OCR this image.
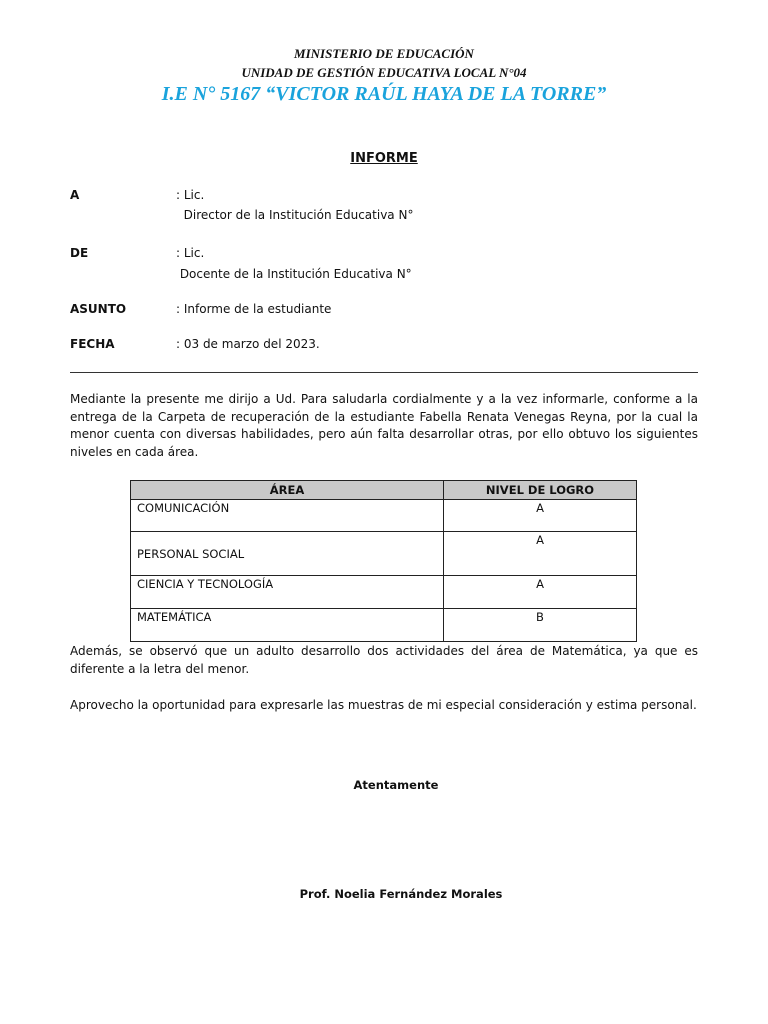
MINISTERIO DE EDUCACIÓN
UNIDAD DE GESTIÓN EDUCATIVA LOCAL N°04
I.E N° 5167 “VICTOR RAÚL HAYA DE LA TORRE”
INFORME
A	: Lic.
Director de la Institución Educativa N°
DE	: Lic.
Docente de la Institución Educativa N°
ASUNTO	: Informe de la estudiante
FECHA	: 03 de marzo del 2023.

Mediante la presente me dirijo a Ud. Para saludarla cordialmente y a la vez informarle, conforme a la entrega de la Carpeta de recuperación de la estudiante Fabella Renata Venegas Reyna, por la cual la menor cuenta con diversas habilidades, pero aún falta desarrollar otras, por ello obtuvo los siguientes niveles en cada área.

ÁREA	NIVEL DE LOGRO
COMUNICACIÓN	A
PERSONAL SOCIAL	A
CIENCIA Y TECNOLOGÍA	A
MATEMÁTICA	B

Además, se observó que un adulto desarrollo dos actividades del área de Matemática, ya que es diferente a la letra del menor.

Aprovecho la oportunidad para expresarle las muestras de mi especial consideración y estima personal.

Atentamente
Prof. Noelia Fernández Morales
